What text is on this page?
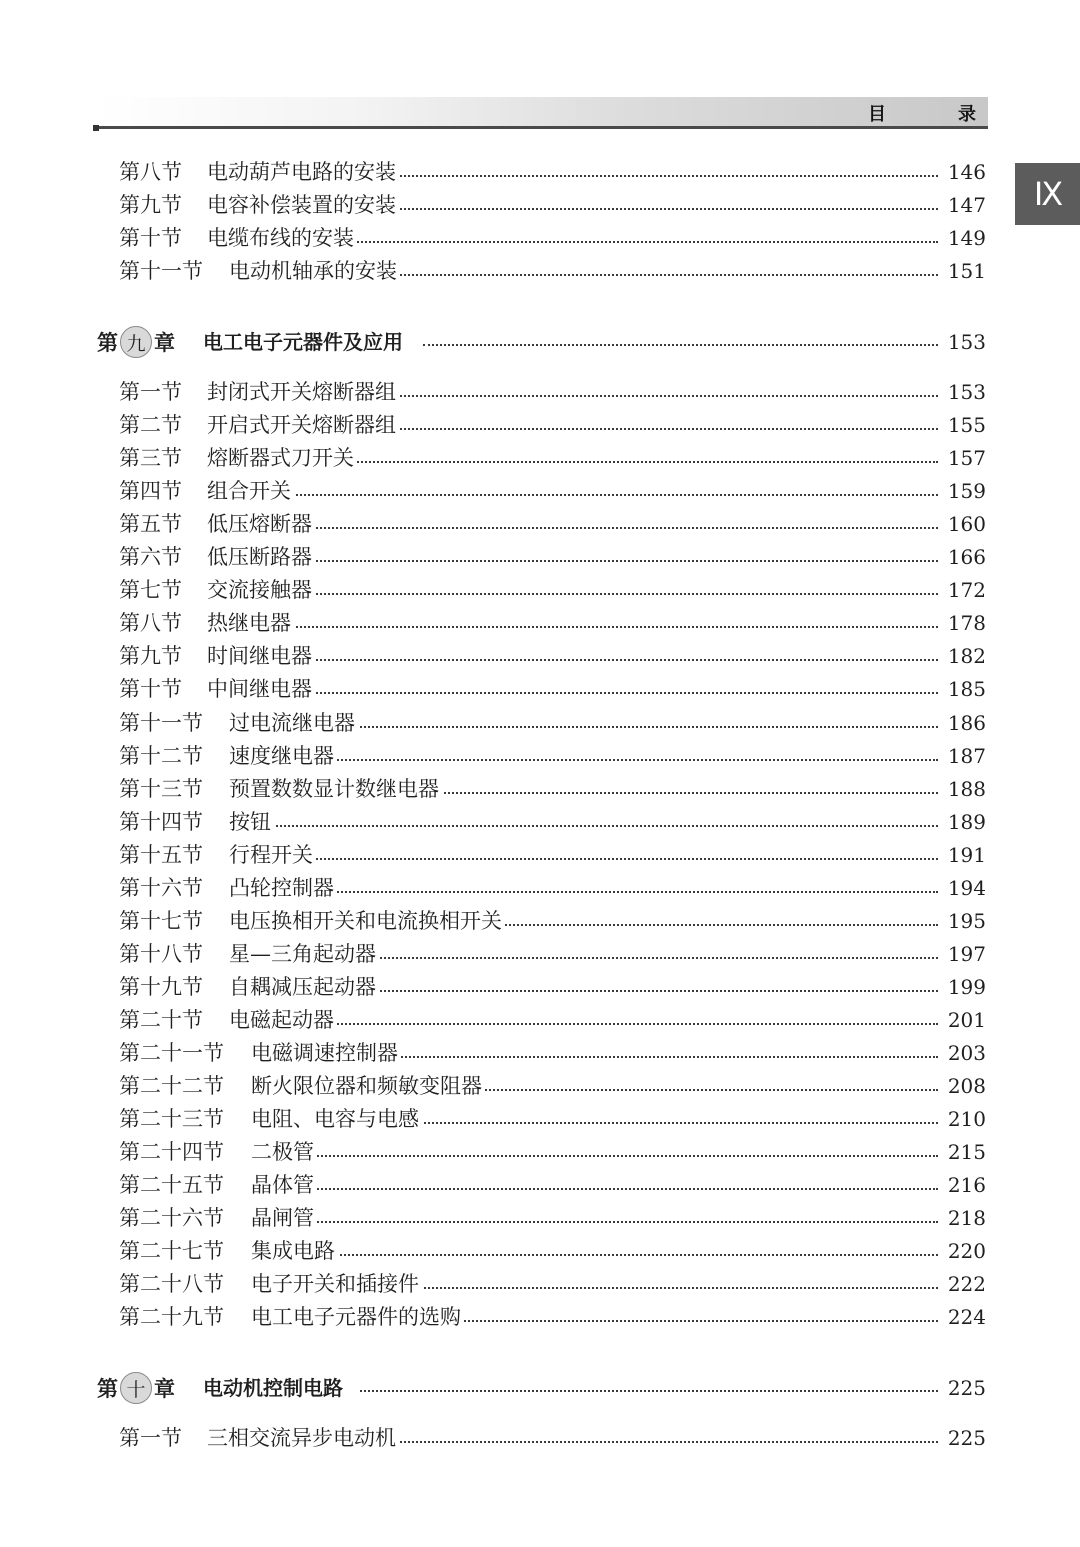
目	录
IX
第八节 电动葫芦电路的安装	146
第九节 电容补偿装置的安装	147
第十节 电缆布线的安装	149
第十一节 电动机轴承的安装	151
第 九 章 电工电子元器件及应用	153
第一节 封闭式开关熔断器组	153
第二节 开启式开关熔断器组	155
第三节 熔断器式刀开关	157
第四节 组合开关	159
第五节 低压熔断器	160
第六节 低压断路器	166
第七节 交流接触器	172
第八节 热继电器	178
第九节 时间继电器	182
第十节 中间继电器	185
第十一节 过电流继电器	186
第十二节 速度继电器	187
第十三节 预置数数显计数继电器	188
第十四节 按钮	189
第十五节 行程开关	191
第十六节 凸轮控制器	194
第十七节 电压换相开关和电流换相开关	195
第十八节 星—三角起动器	197
第十九节 自耦减压起动器	199
第二十节 电磁起动器	201
第二十一节 电磁调速控制器	203
第二十二节 断火限位器和频敏变阻器	208
第二十三节 电阻、电容与电感	210
第二十四节 二极管	215
第二十五节 晶体管	216
第二十六节 晶闸管	218
第二十七节 集成电路	220
第二十八节 电子开关和插接件	222
第二十九节 电工电子元器件的选购	224
第 十 章 电动机控制电路	225
第一节 三相交流异步电动机	225
